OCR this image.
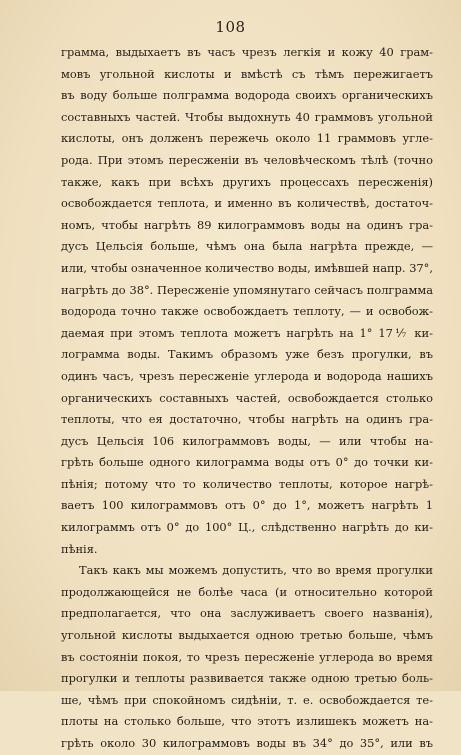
108
грамма, выдыхаетъ въ часъ чрезъ легкія и кожу 40 грам-
мовъ угольной кислоты и вмѣстѣ съ тѣмъ пережигаетъ
въ воду больше полграмма водорода своихъ органическихъ
составныхъ частей. Чтобы выдохнуть 40 граммовъ угольной
кислоты, онъ долженъ пережечь около 11 граммовъ угле-
рода. При этомъ пересженіи въ человѣческомъ тѣлѣ (точно
также, какъ при всѣхъ другихъ процессахъ пересженія)
освобождается теплота, и именно въ количествѣ, достаточ-
номъ, чтобы нагрѣть 89 килограммовъ воды на одинъ гра-
дусъ Цельсія больше, чѣмъ она была нагрѣта прежде, —
или, чтобы означенное количество воды, имѣвшей напр. 37°,
нагрѣть до 38°. Пересженіе упомянутаго сейчасъ полграмма
водорода точно также освобождаетъ теплоту, — и освобож-
даемая при этомъ теплота можетъ нагрѣть на 1° 17⅐ ки-
лограмма воды. Такимъ образомъ уже безъ прогулки, въ
одинъ часъ, чрезъ пересженіе углерода и водорода нашихъ
органическихъ составныхъ частей, освобождается столько
теплоты, что ея достаточно, чтобы нагрѣть на одинъ гра-
дусъ Цельсія 106 килограммовъ воды, — или чтобы на-
грѣть больше одного килограмма воды отъ 0° до точки ки-
пѣнія; потому что то количество теплоты, которое нагрѣ-
ваетъ 100 килограммовъ отъ 0° до 1°, можетъ нагрѣть 1
килограммъ отъ 0° до 100° Ц., слѣдственно нагрѣть до ки-
пѣнія.
Такъ какъ мы можемъ допустить, что во время прогулки
продолжающейся не болѣе часа (и относительно которой
предполагается, что она заслуживаетъ своего названія),
угольной кислоты выдыхается одною третью больше, чѣмъ
въ состояніи покоя, то чрезъ пересженіе углерода во время
прогулки и теплоты развивается также одною третью боль-
ше, чѣмъ при спокойномъ сидѣніи, т. е. освобождается те-
плоты на столько больше, что этотъ излишекъ можетъ на-
грѣть около 30 килограммовъ воды въ 34° до 35°, или въ
